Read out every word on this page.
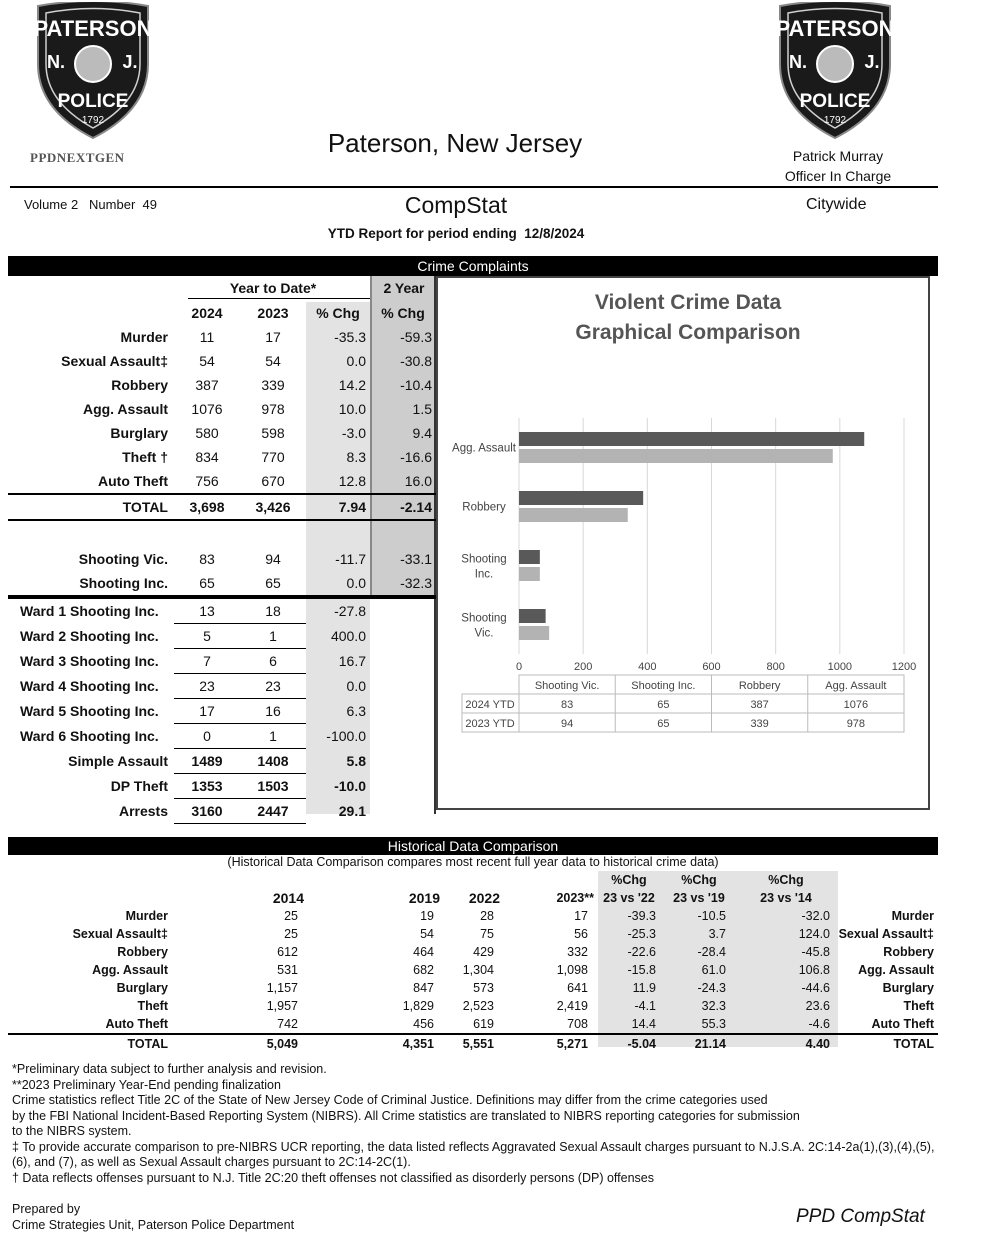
PATERSON
N.	J.
POLICE
1792
PPDNEXTGEN
PATERSON
N.	J.
POLICE
1792
Paterson, New Jersey	Patrick Murray
Officer In Charge
Volume 2   Number  49	CompStat	Citywide
YTD Report for period ending  12/8/2024
Crime Complaints
Year to Date*	2 Year
	2024	2023	% Chg	% Chg
Murder	11	17	-35.3	-59.3
Sexual Assault‡	54	54	0.0	-30.8
Robbery	387	339	14.2	-10.4
Agg. Assault	1076	978	10.0	1.5
Burglary	580	598	-3.0	9.4
Theft †	834	770	8.3	-16.6
Auto Theft	756	670	12.8	16.0
TOTAL	3,698	3,426	7.94	-2.14

Shooting Vic.	83	94	-11.7	-33.1
Shooting Inc.	65	65	0.0	-32.3
Ward 1 Shooting Inc.	13	18	-27.8	
Ward 2 Shooting Inc.	5	1	400.0	
Ward 3 Shooting Inc.	7	6	16.7	
Ward 4 Shooting Inc.	23	23	0.0	
Ward 5 Shooting Inc.	17	16	6.3	
Ward 6 Shooting Inc.	0	1	-100.0	
Simple Assault	1489	1408	5.8	
DP Theft	1353	1503	-10.0	
Arrests	3160	2447	29.1	
Violent Crime Data
Graphical Comparison
0	200	400	600	800	1000	1200
Shooting Vic.
Shooting Inc.
Robbery
Agg. Assault
Shooting Vic.	Shooting Inc.	Robbery	Agg. Assault
2024 YTD	83	65	387	1076
2023 YTD	94	65	339	978
Historical Data Comparison
(Historical Data Comparison compares most recent full year data to historical crime data)
					%Chg	%Chg	%Chg	
	2014	2019	2022	2023**	23 vs '22	23 vs '19	23 vs '14	
Murder	25	19	28	17	-39.3	-10.5	-32.0	Murder
Sexual Assault‡	25	54	75	56	-25.3	3.7	124.0	Sexual Assault‡
Robbery	612	464	429	332	-22.6	-28.4	-45.8	Robbery
Agg. Assault	531	682	1,304	1,098	-15.8	61.0	106.8	Agg. Assault
Burglary	1,157	847	573	641	11.9	-24.3	-44.6	Burglary
Theft	1,957	1,829	2,523	2,419	-4.1	32.3	23.6	Theft
Auto Theft	742	456	619	708	14.4	55.3	-4.6	Auto Theft
TOTAL	5,049	4,351	5,551	5,271	-5.04	21.14	4.40	TOTAL

*Preliminary data subject to further analysis and revision.

**2023 Preliminary Year-End pending finalization

Crime statistics reflect Title 2C of the State of New Jersey Code of Criminal Justice. Definitions may differ from the crime categories used

by the FBI National Incident-Based Reporting System (NIBRS). All Crime statistics are translated to NIBRS reporting categories for submission

to the NIBRS system.

‡ To provide accurate comparison to pre-NIBRS UCR reporting, the data listed reflects Aggravated Sexual Assault charges pursuant to N.J.S.A. 2C:14-2a(1),(3),(4),(5),

(6), and (7), as well as Sexual Assault charges pursuant to 2C:14-2C(1).

† Data reflects offenses pursuant to N.J. Title 2C:20 theft offenses not classified as disorderly persons (DP) offenses

Prepared by
Crime Strategies Unit, Paterson Police Department	PPD CompStat
